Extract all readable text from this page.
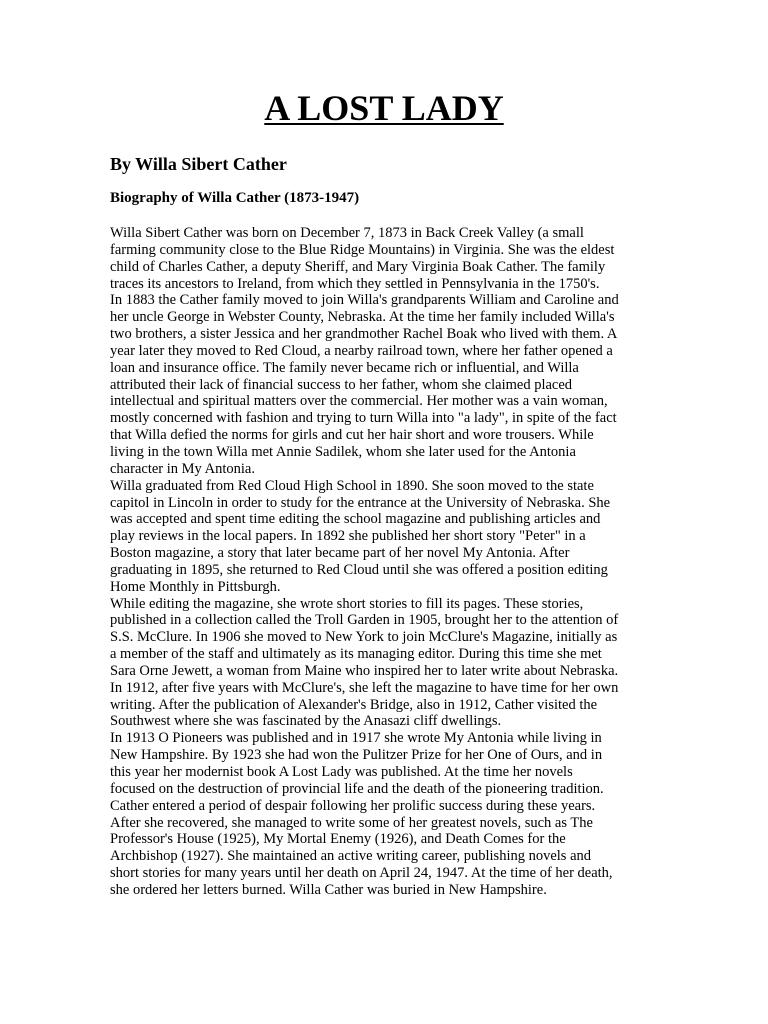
A LOST LADY
By Willa Sibert Cather
Biography of Willa Cather (1873-1947)
Willa Sibert Cather was born on December 7, 1873 in Back Creek Valley (a small
farming community close to the Blue Ridge Mountains) in Virginia. She was the eldest
child of Charles Cather, a deputy Sheriff, and Mary Virginia Boak Cather. The family
traces its ancestors to Ireland, from which they settled in Pennsylvania in the 1750's.
In 1883 the Cather family moved to join Willa's grandparents William and Caroline and
her uncle George in Webster County, Nebraska. At the time her family included Willa's
two brothers, a sister Jessica and her grandmother Rachel Boak who lived with them. A
year later they moved to Red Cloud, a nearby railroad town, where her father opened a
loan and insurance office. The family never became rich or influential, and Willa
attributed their lack of financial success to her father, whom she claimed placed
intellectual and spiritual matters over the commercial. Her mother was a vain woman,
mostly concerned with fashion and trying to turn Willa into "a lady", in spite of the fact
that Willa defied the norms for girls and cut her hair short and wore trousers. While
living in the town Willa met Annie Sadilek, whom she later used for the Antonia
character in My Antonia.
Willa graduated from Red Cloud High School in 1890. She soon moved to the state
capitol in Lincoln in order to study for the entrance at the University of Nebraska. She
was accepted and spent time editing the school magazine and publishing articles and
play reviews in the local papers. In 1892 she published her short story "Peter" in a
Boston magazine, a story that later became part of her novel My Antonia. After
graduating in 1895, she returned to Red Cloud until she was offered a position editing
Home Monthly in Pittsburgh.
While editing the magazine, she wrote short stories to fill its pages. These stories,
published in a collection called the Troll Garden in 1905, brought her to the attention of
S.S. McClure. In 1906 she moved to New York to join McClure's Magazine, initially as
a member of the staff and ultimately as its managing editor. During this time she met
Sara Orne Jewett, a woman from Maine who inspired her to later write about Nebraska.
In 1912, after five years with McClure's, she left the magazine to have time for her own
writing. After the publication of Alexander's Bridge, also in 1912, Cather visited the
Southwest where she was fascinated by the Anasazi cliff dwellings.
In 1913 O Pioneers was published and in 1917 she wrote My Antonia while living in
New Hampshire. By 1923 she had won the Pulitzer Prize for her One of Ours, and in
this year her modernist book A Lost Lady was published. At the time her novels
focused on the destruction of provincial life and the death of the pioneering tradition.
Cather entered a period of despair following her prolific success during these years.
After she recovered, she managed to write some of her greatest novels, such as The
Professor's House (1925), My Mortal Enemy (1926), and Death Comes for the
Archbishop (1927). She maintained an active writing career, publishing novels and
short stories for many years until her death on April 24, 1947. At the time of her death,
she ordered her letters burned. Willa Cather was buried in New Hampshire.
